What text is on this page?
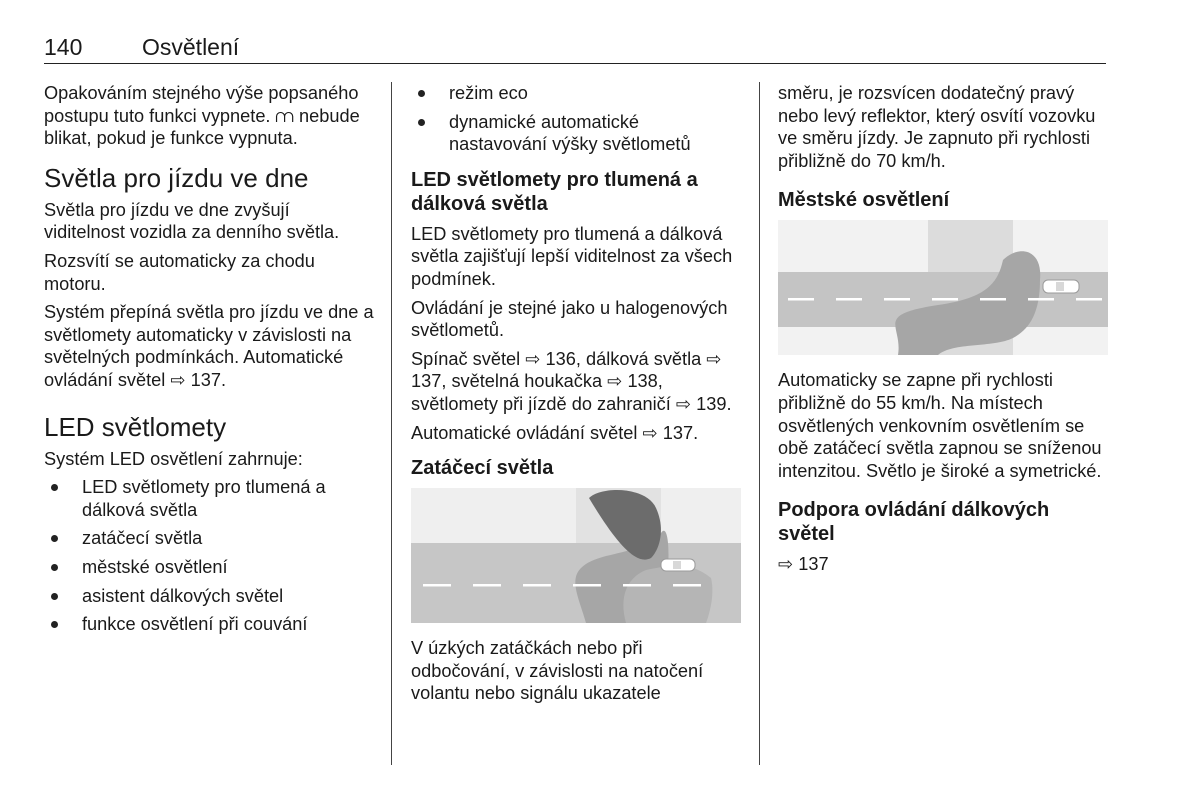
140	Osvětlení

Opakováním stejného výše popsaného postupu tuto funkci vypnete. ⩋ nebude blikat, pokud je funkce vypnuta.

Světla pro jízdu ve dne

Světla pro jízdu ve dne zvyšují viditelnost vozidla za denního světla.

Rozsvítí se automaticky za chodu motoru.

Systém přepíná světla pro jízdu ve dne a světlomety automaticky v závislosti na světelných podmínkách. Automatické ovládání světel ⇨ 137.

LED světlomety

Systém LED osvětlení zahrnuje:

LED světlomety pro tlumená a dálková světla
zatáčecí světla
městské osvětlení
asistent dálkových světel
funkce osvětlení při couvání
režim eco
dynamické automatické nastavování výšky světlometů
LED světlomety pro tlumená a dálková světla

LED světlomety pro tlumená a dálková světla zajišťují lepší viditelnost za všech podmínek.

Ovládání je stejné jako u halogenových světlometů.

Spínač světel ⇨ 136, dálková světla ⇨ 137, světelná houkačka ⇨ 138, světlomety při jízdě do zahraničí ⇨ 139.

Automatické ovládání světel ⇨ 137.

Zatáčecí světla

V úzkých zatáčkách nebo při odbočování, v závislosti na natočení volantu nebo signálu ukazatele

směru, je rozsvícen dodatečný pravý nebo levý reflektor, který osvítí vozovku ve směru jízdy. Je zapnuto při rychlosti přibližně do 70 km/h.

Městské osvětlení

Automaticky se zapne při rychlosti přibližně do 55 km/h. Na místech osvětlených venkovním osvětlením se obě zatáčecí světla zapnou se sníženou intenzitou. Světlo je široké a symetrické.

Podpora ovládání dálkových světel

⇨ 137
